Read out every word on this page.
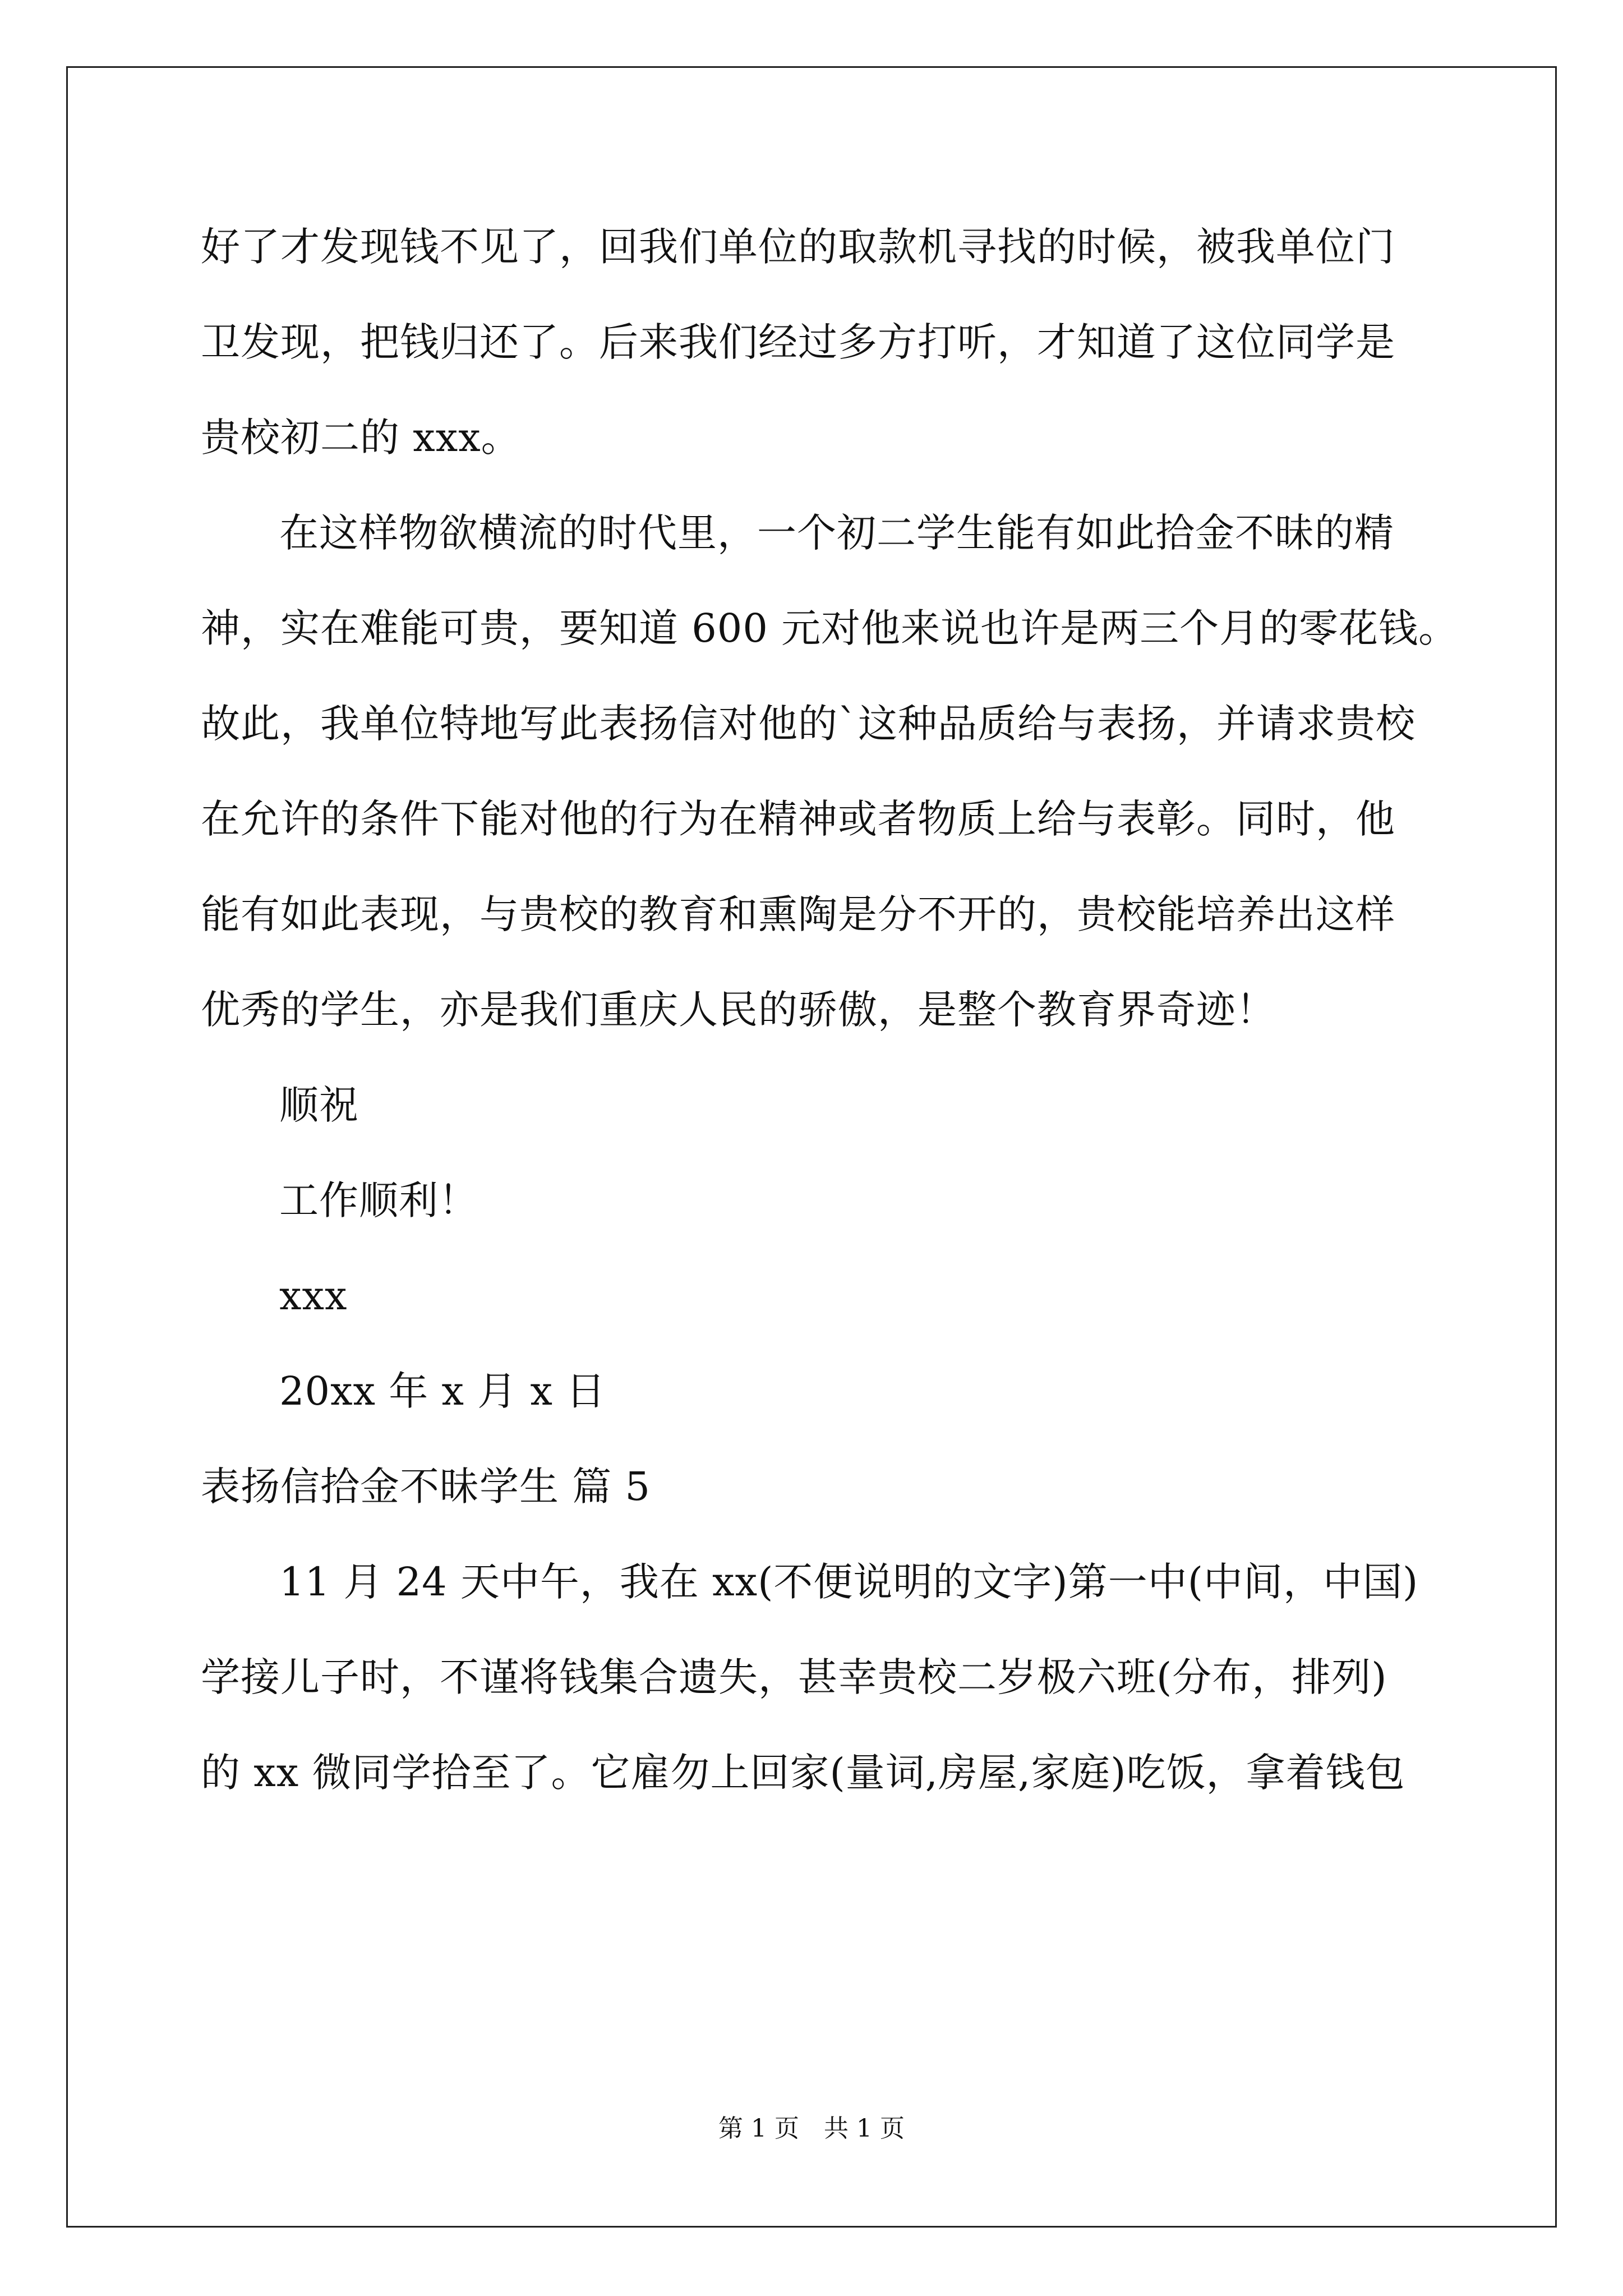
好了才发现钱不见了，回我们单位的取款机寻找的时候，被我单位门
卫发现，把钱归还了。后来我们经过多方打听，才知道了这位同学是
贵校初二的 xxx。
在这样物欲横流的时代里，一个初二学生能有如此拾金不昧的精
神，实在难能可贵，要知道 600 元对他来说也许是两三个月的零花钱。
故此，我单位特地写此表扬信对他的`这种品质给与表扬，并请求贵校
在允许的条件下能对他的行为在精神或者物质上给与表彰。同时，他
能有如此表现，与贵校的教育和熏陶是分不开的，贵校能培养出这样
优秀的学生，亦是我们重庆人民的骄傲，是整个教育界奇迹！
顺祝
工作顺利！
xxx
20xx 年 x 月 x 日
表扬信拾金不昧学生 篇 5
11 月 24 天中午，我在 xx(不便说明的文字)第一中(中间，中国)
学接儿子时，不谨将钱集合遗失，甚幸贵校二岁极六班(分布，排列)
的 xx 微同学拾至了。它雇勿上回家(量词,房屋,家庭)吃饭，拿着钱包
第 1 页 共 1 页
